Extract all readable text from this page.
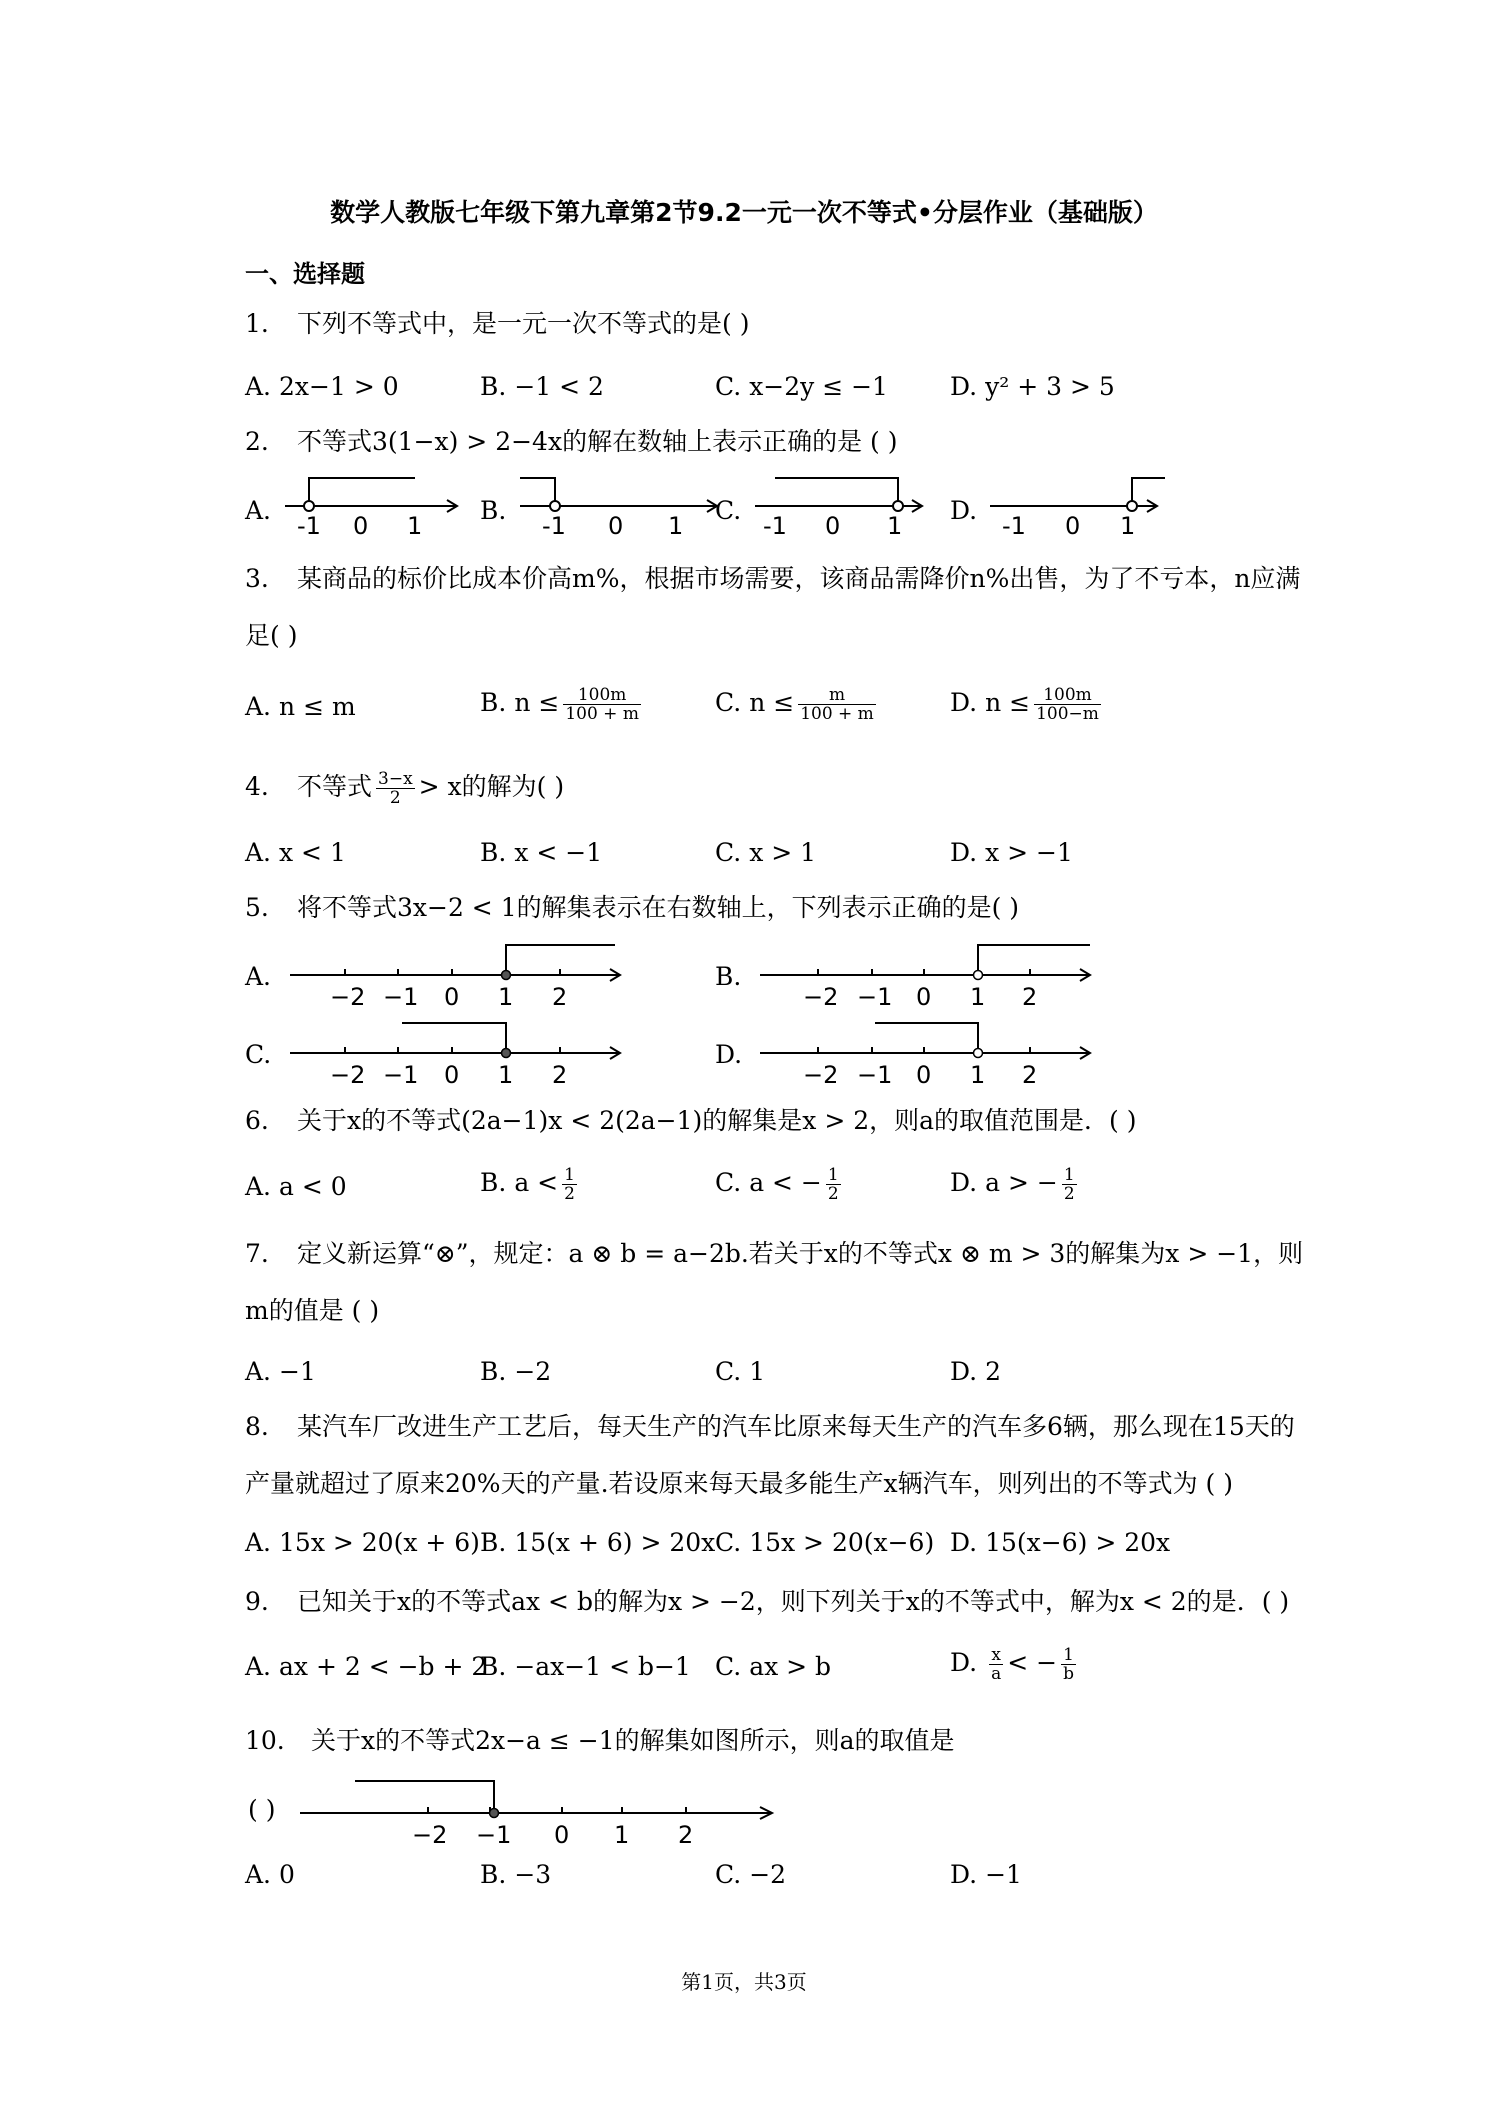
数学人教版七年级下第九章第2节9.2一元一次不等式•分层作业（基础版）
一、选择题
1. 下列不等式中，是一元一次不等式的是( )
A. 2x−1 > 0	B. −1 < 2	C. x−2y ≤ −1 D. y² + 3 > 5
2. 不等式3(1−x) > 2−4x的解在数轴上表示正确的是 ( )
A.
-1 0 1
B.
-1 0 1
C.
-1 0 1
D.
-1 0 1
3. 某商品的标价比成本价高m%，根据市场需要，该商品需降价n%出售，为了不亏本，n应满足( )
A. n ≤ m	B. $n \le \frac{100m}{100 + m}$	C. $n \le \frac{m}{100 + m}$	D. $n \le \frac{100m}{100-m}$
4. 不等式 $\frac{3-x}{2} > x$的解为( )
A. x < 1	B. x < −1	C. x > 1	D. x > −1
5. 将不等式3x−2 < 1的解集表示在右数轴上，下列表示正确的是( )
A.
−2 −1 0 1 2
B.
−2 −1 0 1 2
C.
−2 −1 0 1 2
D.
−2 −1 0 1 2
6. 关于x的不等式(2a−1)x < 2(2a−1)的解集是x > 2，则a的取值范围是．( )
A. a < 0	B. $a < \frac{1}{2}$	C. a < − $\frac{1}{2}$	D. a > − $\frac{1}{2}$
7. 定义新运算“⊗”，规定：a ⊗ b = a−2b.若关于x的不等式x ⊗ m > 3的解集为x > −1，则m的值是 ( )
A. −1	B. −2	C. 1	D. 2
8. 某汽车厂改进生产工艺后，每天生产的汽车比原来每天生产的汽车多6辆，那么现在15天的产量就超过了原来20%天的产量.若设原来每天最多能生产x辆汽车，则列出的不等式为 ( )
A. 15x > 20(x + 6) B. 15(x + 6) > 20x C. 15x > 20(x−6) D. 15(x−6) > 20x
9. 已知关于x的不等式ax < b的解为x > −2，则下列关于x的不等式中，解为x < 2的是．( )
A. ax + 2 < −b + 2
B. −ax−1 < b−1 C. ax > b	D. $\frac{x}{a}$ < − $\frac{1}{b}$
10. 关于x的不等式2x−a ≤ −1的解集如图所示，则a的取值是
( )
−2 −1 0 1 2
A. 0	B. −3	C. −2	D. −1
第1页，共3页
